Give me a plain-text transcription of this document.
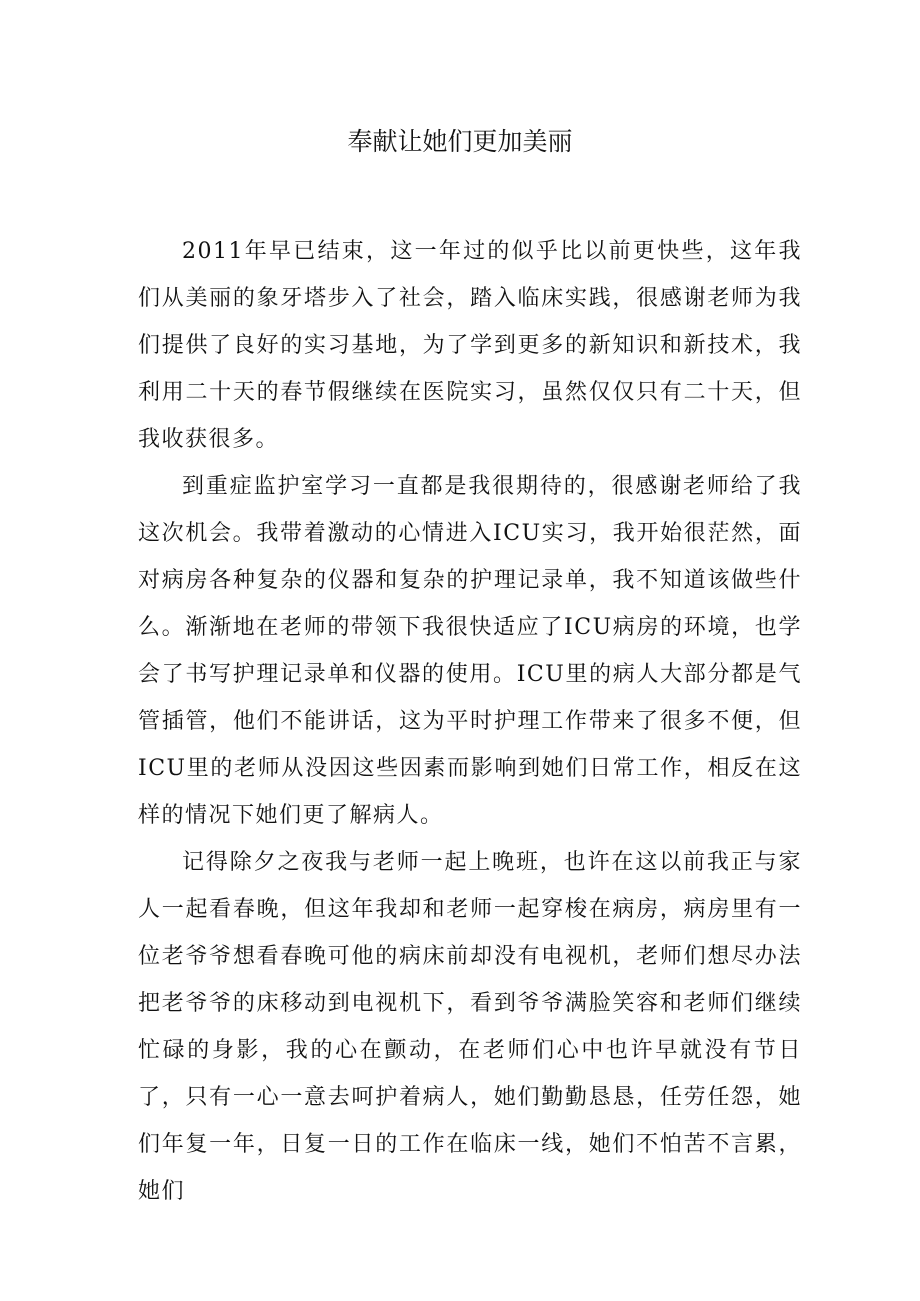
奉献让她们更加美丽

2011年早已结束，这一年过的似乎比以前更快些，这年我们从美丽的象牙塔步入了社会，踏入临床实践，很感谢老师为我们提供了良好的实习基地，为了学到更多的新知识和新技术，我利用二十天的春节假继续在医院实习，虽然仅仅只有二十天，但我收获很多。

到重症监护室学习一直都是我很期待的，很感谢老师给了我这次机会。我带着激动的心情进入ICU实习，我开始很茫然，面对病房各种复杂的仪器和复杂的护理记录单，我不知道该做些什么。渐渐地在老师的带领下我很快适应了ICU病房的环境，也学会了书写护理记录单和仪器的使用。ICU里的病人大部分都是气管插管，他们不能讲话，这为平时护理工作带来了很多不便，但ICU里的老师从没因这些因素而影响到她们日常工作，相反在这样的情况下她们更了解病人。

记得除夕之夜我与老师一起上晚班，也许在这以前我正与家人一起看春晚，但这年我却和老师一起穿梭在病房，病房里有一位老爷爷想看春晚可他的病床前却没有电视机，老师们想尽办法把老爷爷的床移动到电视机下，看到爷爷满脸笑容和老师们继续忙碌的身影，我的心在颤动，在老师们心中也许早就没有节日了，只有一心一意去呵护着病人，她们勤勤恳恳，任劳任怨，她们年复一年，日复一日的工作在临床一线，她们不怕苦不言累，她们
